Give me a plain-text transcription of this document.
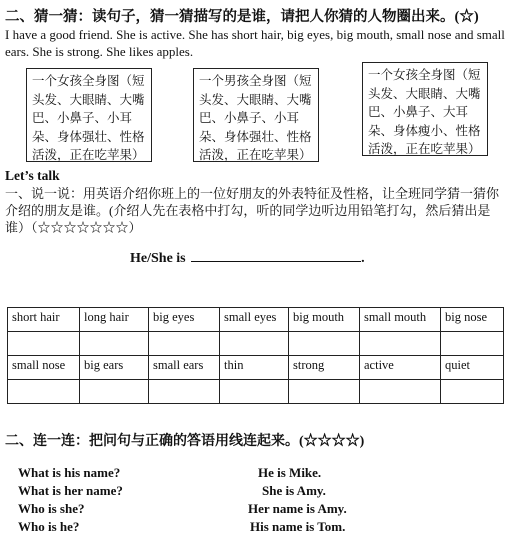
二、猜一猜：读句子，猜一猜描写的是谁，请把人你猜的人物圈出来。(☆)
I have a good friend. She is active. She has short hair, big eyes, big mouth, small nose and small ears. She is strong. She likes apples.
一个女孩全身图（短头发、大眼睛、大嘴巴、小鼻子、小耳朵、身体强壮、性格活泼，正在吃苹果）
一个男孩全身图（短头发、大眼睛、大嘴巴、小鼻子、小耳朵、身体强壮、性格活泼，正在吃苹果）
一个女孩全身图（短头发、大眼睛、大嘴巴、小鼻子、大耳朵、身体瘦小、性格活泼，正在吃苹果）
Let’s talk
一、说一说：用英语介绍你班上的一位好朋友的外表特征及性格，让全班同学猜一猜你介绍的朋友是谁。(介绍人先在表格中打勾，听的同学边听边用铅笔打勾，然后猜出是谁）（☆☆☆☆☆☆☆）
He/She is	.
short hair	long hair	big eyes	small eyes	big mouth	small mouth	big nose

small nose	big ears	small ears	thin	strong	active	quiet

二、连一连：把问句与正确的答语用线连起来。(☆☆☆☆)
What is his name?
What is her name?
Who is she?
Who is he?
He is Mike.
She is Amy.
Her name is Amy.
His name is Tom.
